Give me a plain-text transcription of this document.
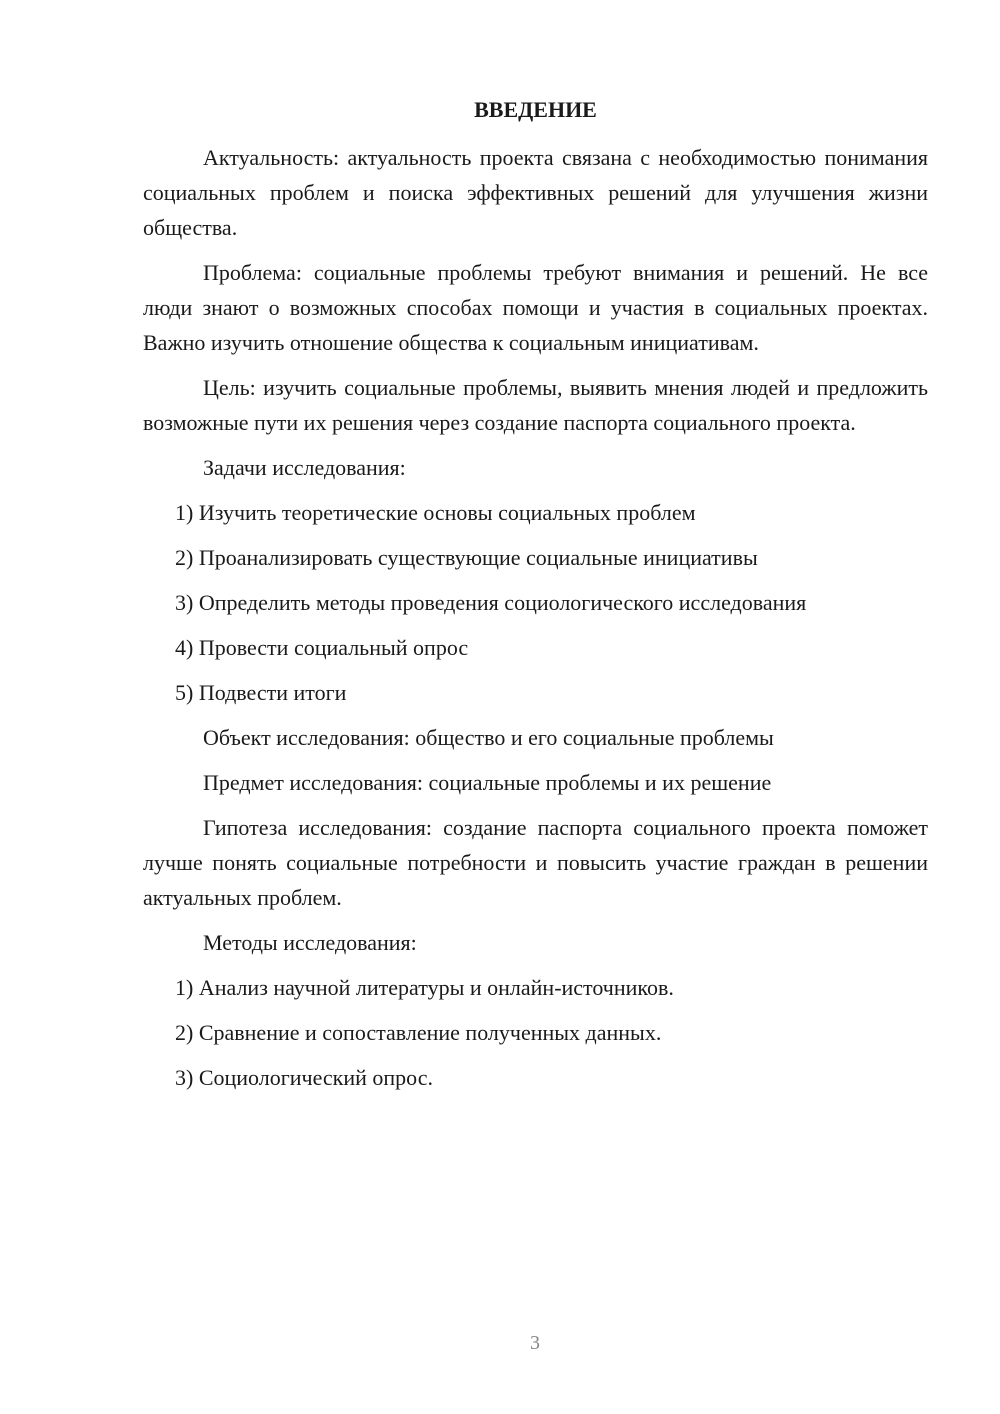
ВВЕДЕНИЕ

Актуальность: актуальность проекта связана с необходимостью понимания социальных проблем и поиска эффективных решений для улучшения жизни общества.

Проблема: социальные проблемы требуют внимания и решений. Не все люди знают о возможных способах помощи и участия в социальных проектах. Важно изучить отношение общества к социальным инициативам.

Цель: изучить социальные проблемы, выявить мнения людей и предложить возможные пути их решения через создание паспорта социального проекта.

Задачи исследования:

1) Изучить теоретические основы социальных проблем

2) Проанализировать существующие социальные инициативы

3) Определить методы проведения социологического исследования

4) Провести социальный опрос

5) Подвести итоги

Объект исследования: общество и его социальные проблемы

Предмет исследования: социальные проблемы и их решение

Гипотеза исследования: создание паспорта социального проекта поможет лучше понять социальные потребности и повысить участие граждан в решении актуальных проблем.

Методы исследования:

1) Анализ научной литературы и онлайн-источников.

2) Сравнение и сопоставление полученных данных.

3) Социологический опрос.

3
